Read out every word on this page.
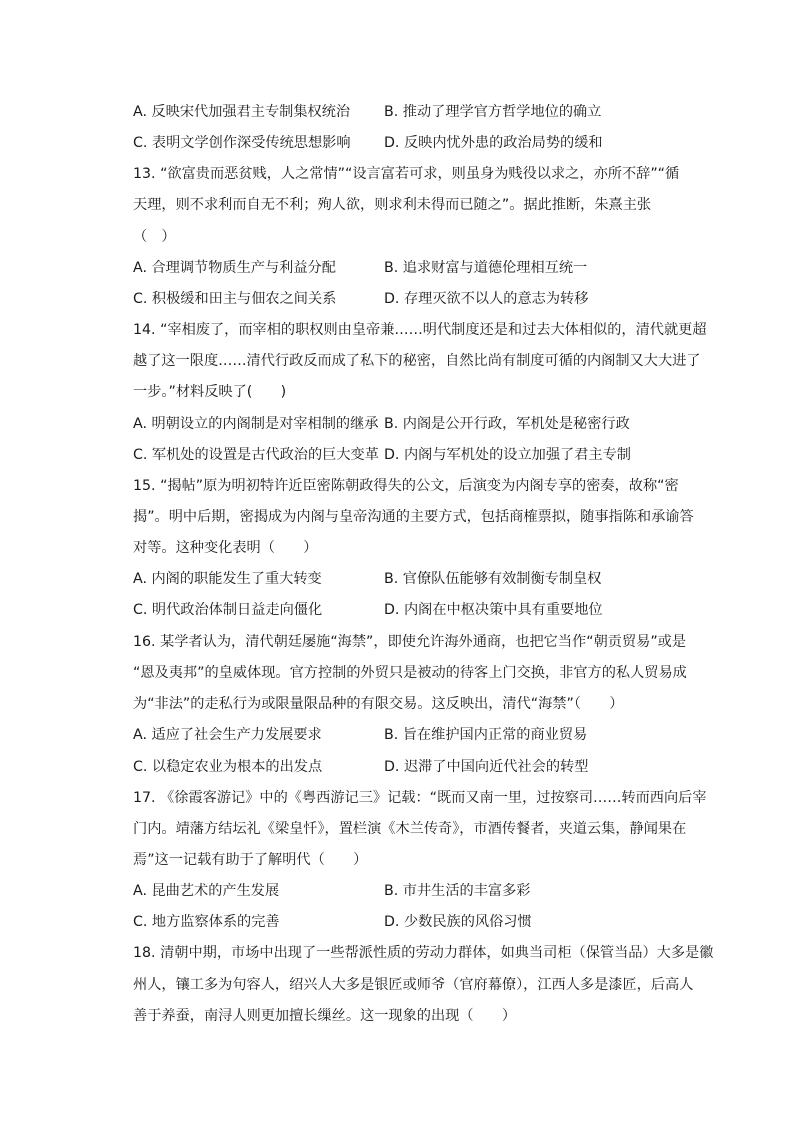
A. 反映宋代加强君主专制集权统治 B. 推动了理学官方哲学地位的确立
C. 表明文学创作深受传统思想影响 D. 反映内忧外患的政治局势的缓和
13. “欲富贵而恶贫贱，人之常情”“设言富若可求，则虽身为贱役以求之，亦所不辞”“循
天理，则不求利而自无不利；殉人欲，则求利未得而已随之”。据此推断，朱熹主张
（　）
A. 合理调节物质生产与利益分配	B. 追求财富与道德伦理相互统一
C. 积极缓和田主与佃农之间关系	D. 存理灭欲不以人的意志为转移
14. “宰相废了，而宰相的职权则由皇帝兼……明代制度还是和过去大体相似的，清代就更超
越了这一限度……清代行政反而成了私下的秘密，自然比尚有制度可循的内阁制又大大进了
一步。”材料反映了(　　)
A. 明朝设立的内阁制是对宰相制的继承 B. 内阁是公开行政，军机处是秘密行政
C. 军机处的设置是古代政治的巨大变革 D. 内阁与军机处的设立加强了君主专制
15. “揭帖”原为明初特许近臣密陈朝政得失的公文，后演变为内阁专享的密奏，故称“密
揭”。明中后期，密揭成为内阁与皇帝沟通的主要方式，包括商榷票拟，随事指陈和承谕答
对等。这种变化表明（　　）
A. 内阁的职能发生了重大转变	B. 官僚队伍能够有效制衡专制皇权
C. 明代政治体制日益走向僵化	D. 内阁在中枢决策中具有重要地位
16. 某学者认为，清代朝廷屡施“海禁”，即使允许海外通商，也把它当作“朝贡贸易”或是
“恩及夷邦”的皇威体现。官方控制的外贸只是被动的待客上门交换，非官方的私人贸易成
为“非法”的走私行为或限量限品种的有限交易。这反映出，清代“海禁”（　　）
A. 适应了社会生产力发展要求	B. 旨在维护国内正常的商业贸易
C. 以稳定农业为根本的出发点	D. 迟滞了中国向近代社会的转型
17. 《徐霞客游记》中的《粤西游记三》记载：“既而又南一里，过按察司……转而西向后宰
门内。靖藩方结坛礼《梁皇忏》，置栏演《木兰传奇》，市酒传餐者，夹道云集，静闻果在
焉”这一记载有助于了解明代（　　）
A. 昆曲艺术的产生发展	B. 市井生活的丰富多彩
C. 地方监察体系的完善	D. 少数民族的风俗习惯
18. 清朝中期，市场中出现了一些帮派性质的劳动力群体，如典当司柜（保管当品）大多是徽
州人，镶工多为句容人，绍兴人大多是银匠或师爷（官府幕僚），江西人多是漆匠，后高人
善于养蚕，南浔人则更加擅长缫丝。这一现象的出现（　　）
